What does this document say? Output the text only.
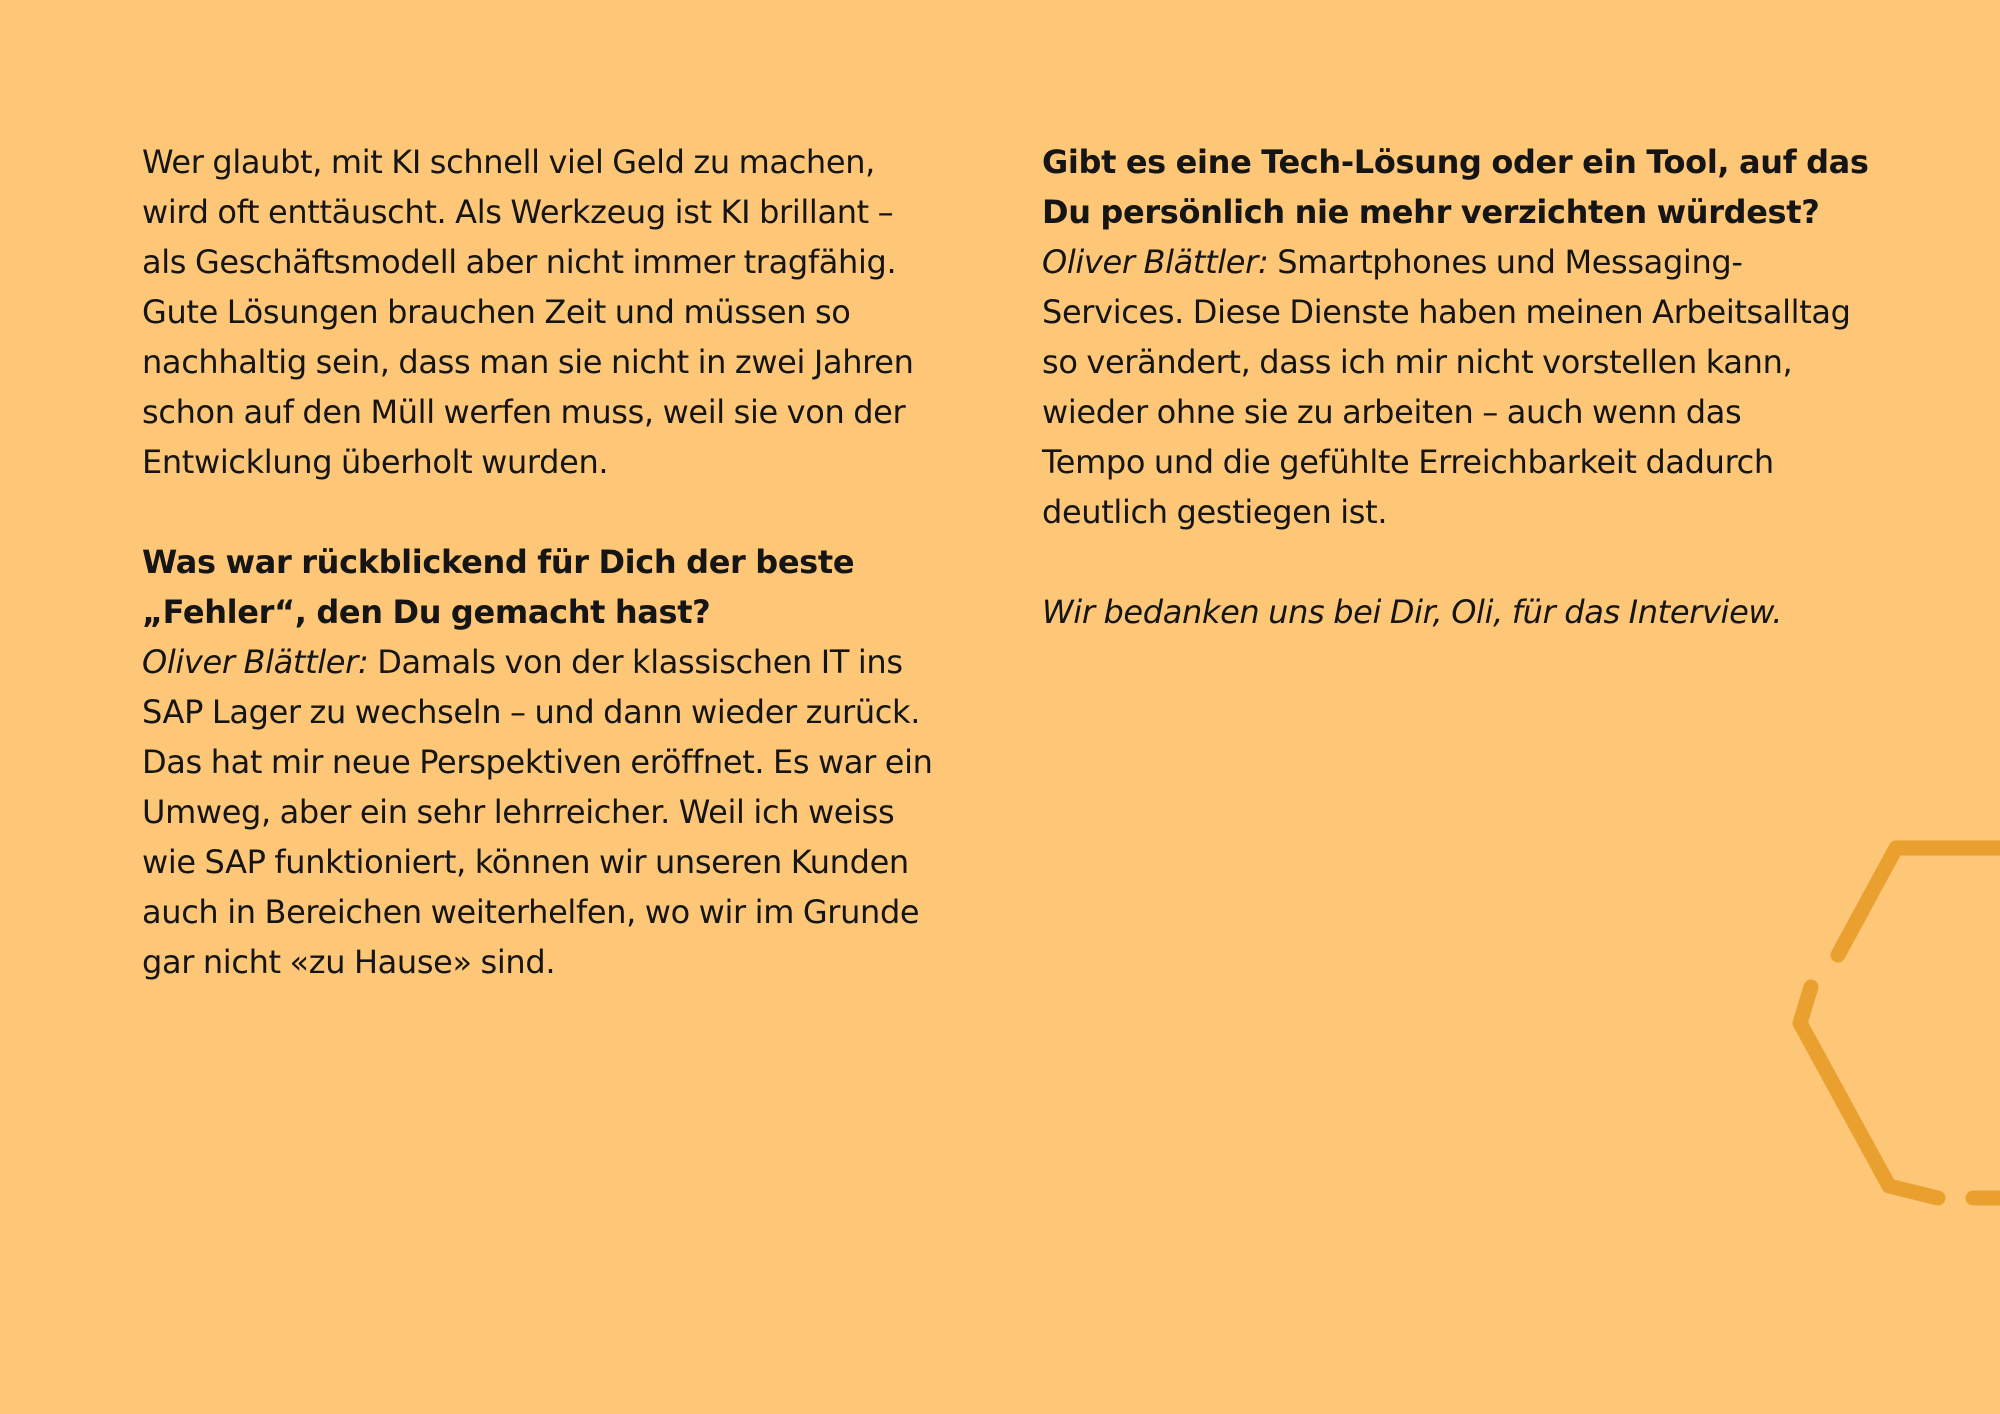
Wer glaubt, mit KI schnell viel Geld zu machen,
wird oft enttäuscht. Als Werkzeug ist KI brillant –
als Geschäftsmodell aber nicht immer tragfähig.
Gute Lösungen brauchen Zeit und müssen so
nachhaltig sein, dass man sie nicht in zwei Jahren
schon auf den Müll werfen muss, weil sie von der
Entwicklung überholt wurden.

Was war rückblickend für Dich der beste
„Fehler“, den Du gemacht hast?
Oliver Blättler: Damals von der klassischen IT ins
SAP Lager zu wechseln – und dann wieder zurück.
Das hat mir neue Perspektiven eröffnet. Es war ein
Umweg, aber ein sehr lehrreicher. Weil ich weiss
wie SAP funktioniert, können wir unseren Kunden
auch in Bereichen weiterhelfen, wo wir im Grunde
gar nicht «zu Hause» sind.

Gibt es eine Tech-Lösung oder ein Tool, auf das
Du persönlich nie mehr verzichten würdest?
Oliver Blättler: Smartphones und Messaging-
Services. Diese Dienste haben meinen Arbeitsalltag
so verändert, dass ich mir nicht vorstellen kann,
wieder ohne sie zu arbeiten – auch wenn das
Tempo und die gefühlte Erreichbarkeit dadurch
deutlich gestiegen ist.

Wir bedanken uns bei Dir, Oli, für das Interview.
